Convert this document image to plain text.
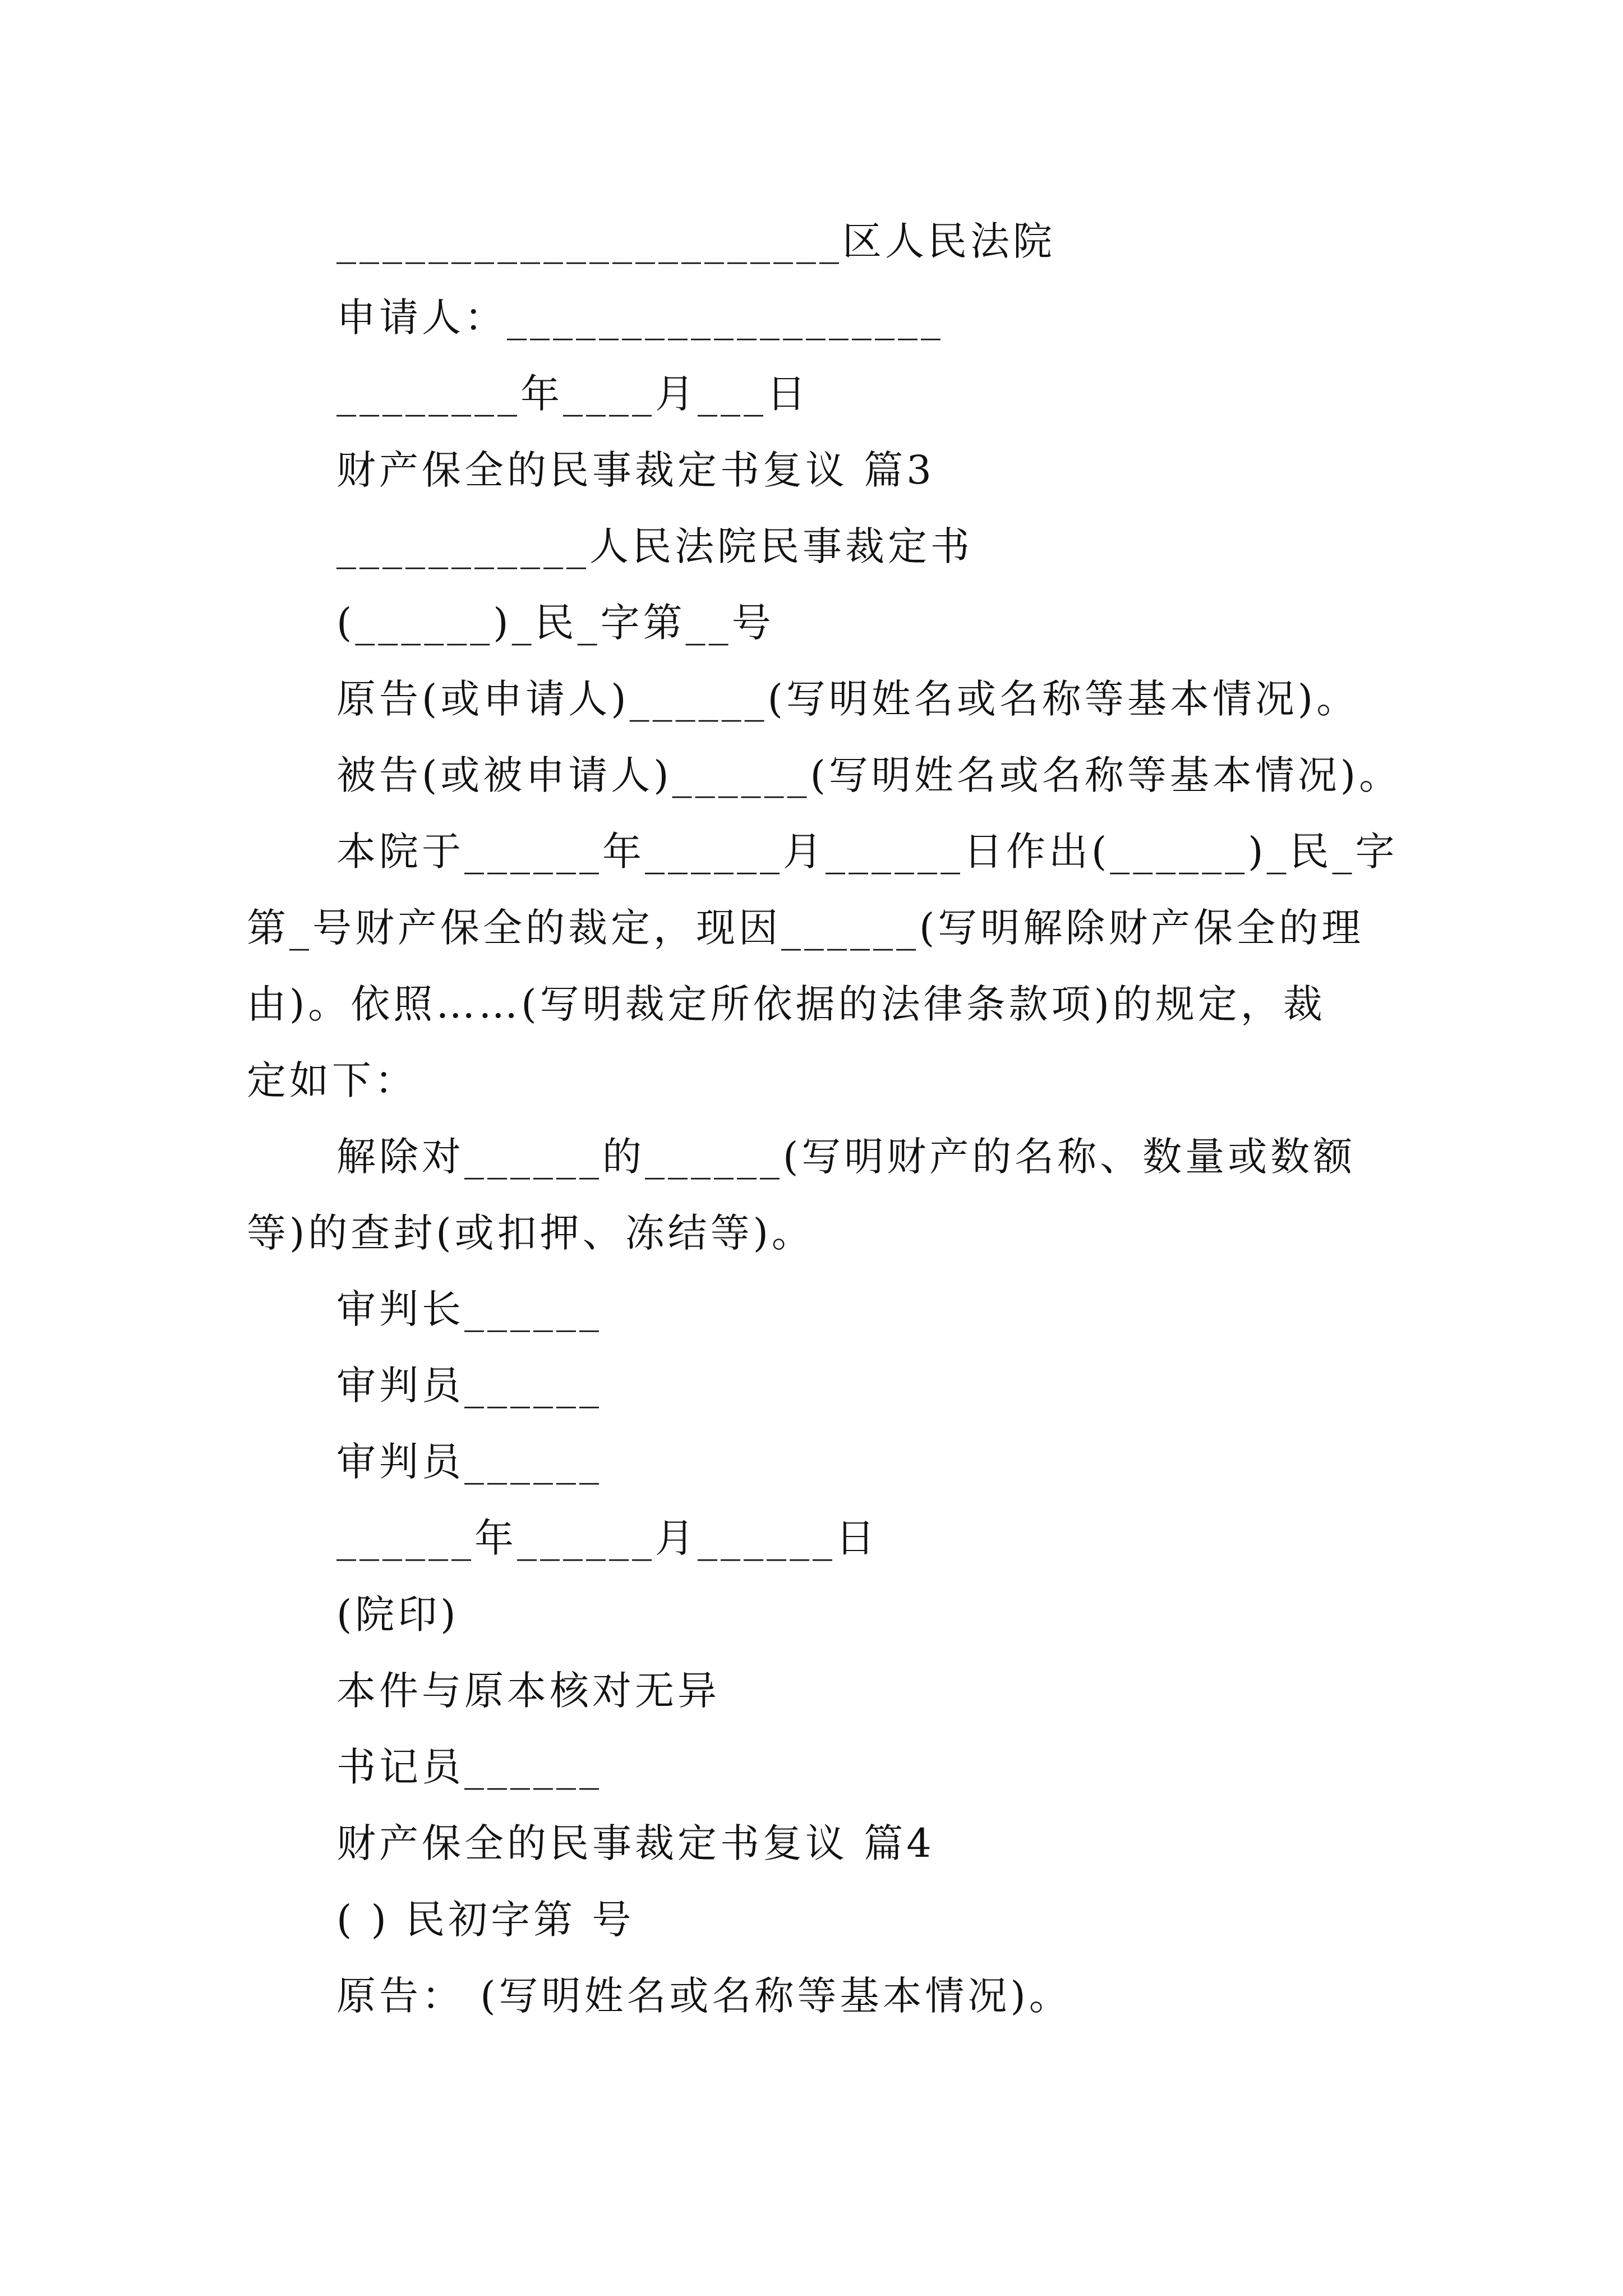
______________________区人民法院
申请人：___________________
________年____月___日
财产保全的民事裁定书复议 篇3
___________人民法院民事裁定书
(______)_民_字第__号
原告(或申请人)______(写明姓名或名称等基本情况)。
被告(或被申请人)______(写明姓名或名称等基本情况)。
本院于______年______月______日作出(______)_民_字
第_号财产保全的裁定，现因______(写明解除财产保全的理
由)。依照……(写明裁定所依据的法律条款项)的规定，裁
定如下：
解除对______的______(写明财产的名称、数量或数额
等)的查封(或扣押、冻结等)。
审判长______
审判员______
审判员______
______年______月______日
(院印)
本件与原本核对无异
书记员______
财产保全的民事裁定书复议 篇4
( ) 民初字第 号
原告： (写明姓名或名称等基本情况)。
